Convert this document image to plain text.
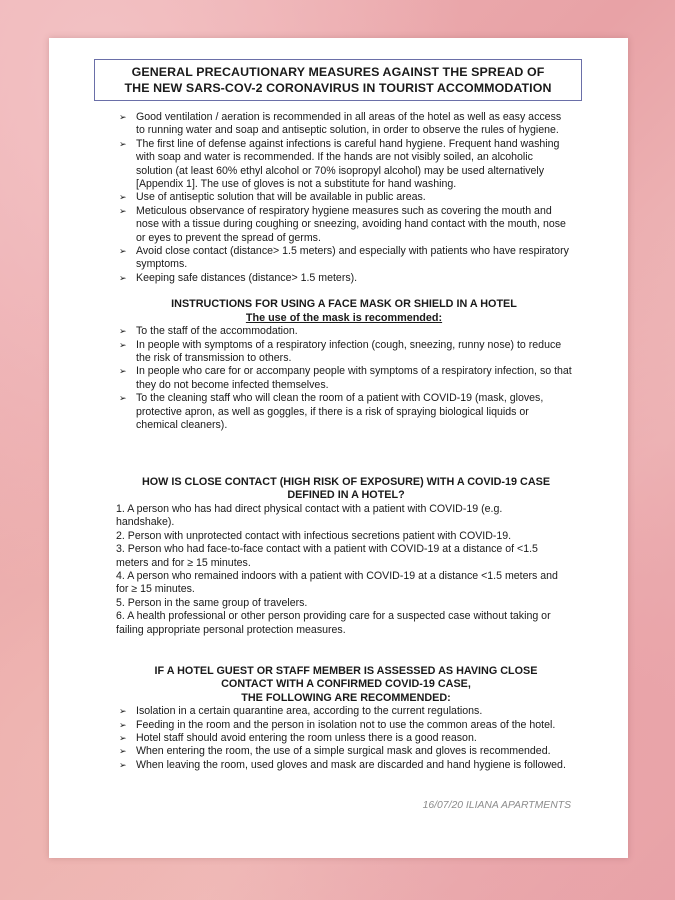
GENERAL PRECAUTIONARY MEASURES AGAINST THE SPREAD OF
THE NEW SARS-COV-2 CORONAVIRUS IN TOURIST ACCOMMODATION
➢ Good ventilation / aeration is recommended in all areas of the hotel as well as easy access to running water and soap and antiseptic solution, in order to observe the rules of hygiene.
➢ The first line of defense against infections is careful hand hygiene. Frequent hand washing with soap and water is recommended. If the hands are not visibly soiled, an alcoholic solution (at least 60% ethyl alcohol or 70% isopropyl alcohol) may be used alternatively [Appendix 1]. The use of gloves is not a substitute for hand washing.
➢ Use of antiseptic solution that will be available in public areas.
➢ Meticulous observance of respiratory hygiene measures such as covering the mouth and nose with a tissue during coughing or sneezing, avoiding hand contact with the mouth, nose or eyes to prevent the spread of germs.
➢ Avoid close contact (distance> 1.5 meters) and especially with patients who have respiratory symptoms.
➢ Keeping safe distances (distance> 1.5 meters).
INSTRUCTIONS FOR USING A FACE MASK OR SHIELD IN A HOTEL
The use of the mask is recommended:
➢ To the staff of the accommodation.
➢ In people with symptoms of a respiratory infection (cough, sneezing, runny nose) to reduce the risk of transmission to others.
➢ In people who care for or accompany people with symptoms of a respiratory infection, so that they do not become infected themselves.
➢ To the cleaning staff who will clean the room of a patient with COVID-19 (mask, gloves, protective apron, as well as goggles, if there is a risk of spraying biological liquids or chemical cleaners).
HOW IS CLOSE CONTACT (HIGH RISK OF EXPOSURE) WITH A COVID-19 CASE
DEFINED IN A HOTEL?
1. A person who has had direct physical contact with a patient with COVID-19 (e.g. handshake).
2. Person with unprotected contact with infectious secretions patient with COVID-19.
3. Person who had face-to-face contact with a patient with COVID-19 at a distance of <1.5 meters and for ≥ 15 minutes.
4. A person who remained indoors with a patient with COVID-19 at a distance <1.5 meters and for ≥ 15 minutes.
5. Person in the same group of travelers.
6. A health professional or other person providing care for a suspected case without taking or failing appropriate personal protection measures.
IF A HOTEL GUEST OR STAFF MEMBER IS ASSESSED AS HAVING CLOSE
CONTACT WITH A CONFIRMED COVID-19 CASE,
THE FOLLOWING ARE RECOMMENDED:
➢ Isolation in a certain quarantine area, according to the current regulations.
➢ Feeding in the room and the person in isolation not to use the common areas of the hotel.
➢ Hotel staff should avoid entering the room unless there is a good reason.
➢ When entering the room, the use of a simple surgical mask and gloves is recommended.
➢ When leaving the room, used gloves and mask are discarded and hand hygiene is followed.
16/07/20 ILIANA APARTMENTS
